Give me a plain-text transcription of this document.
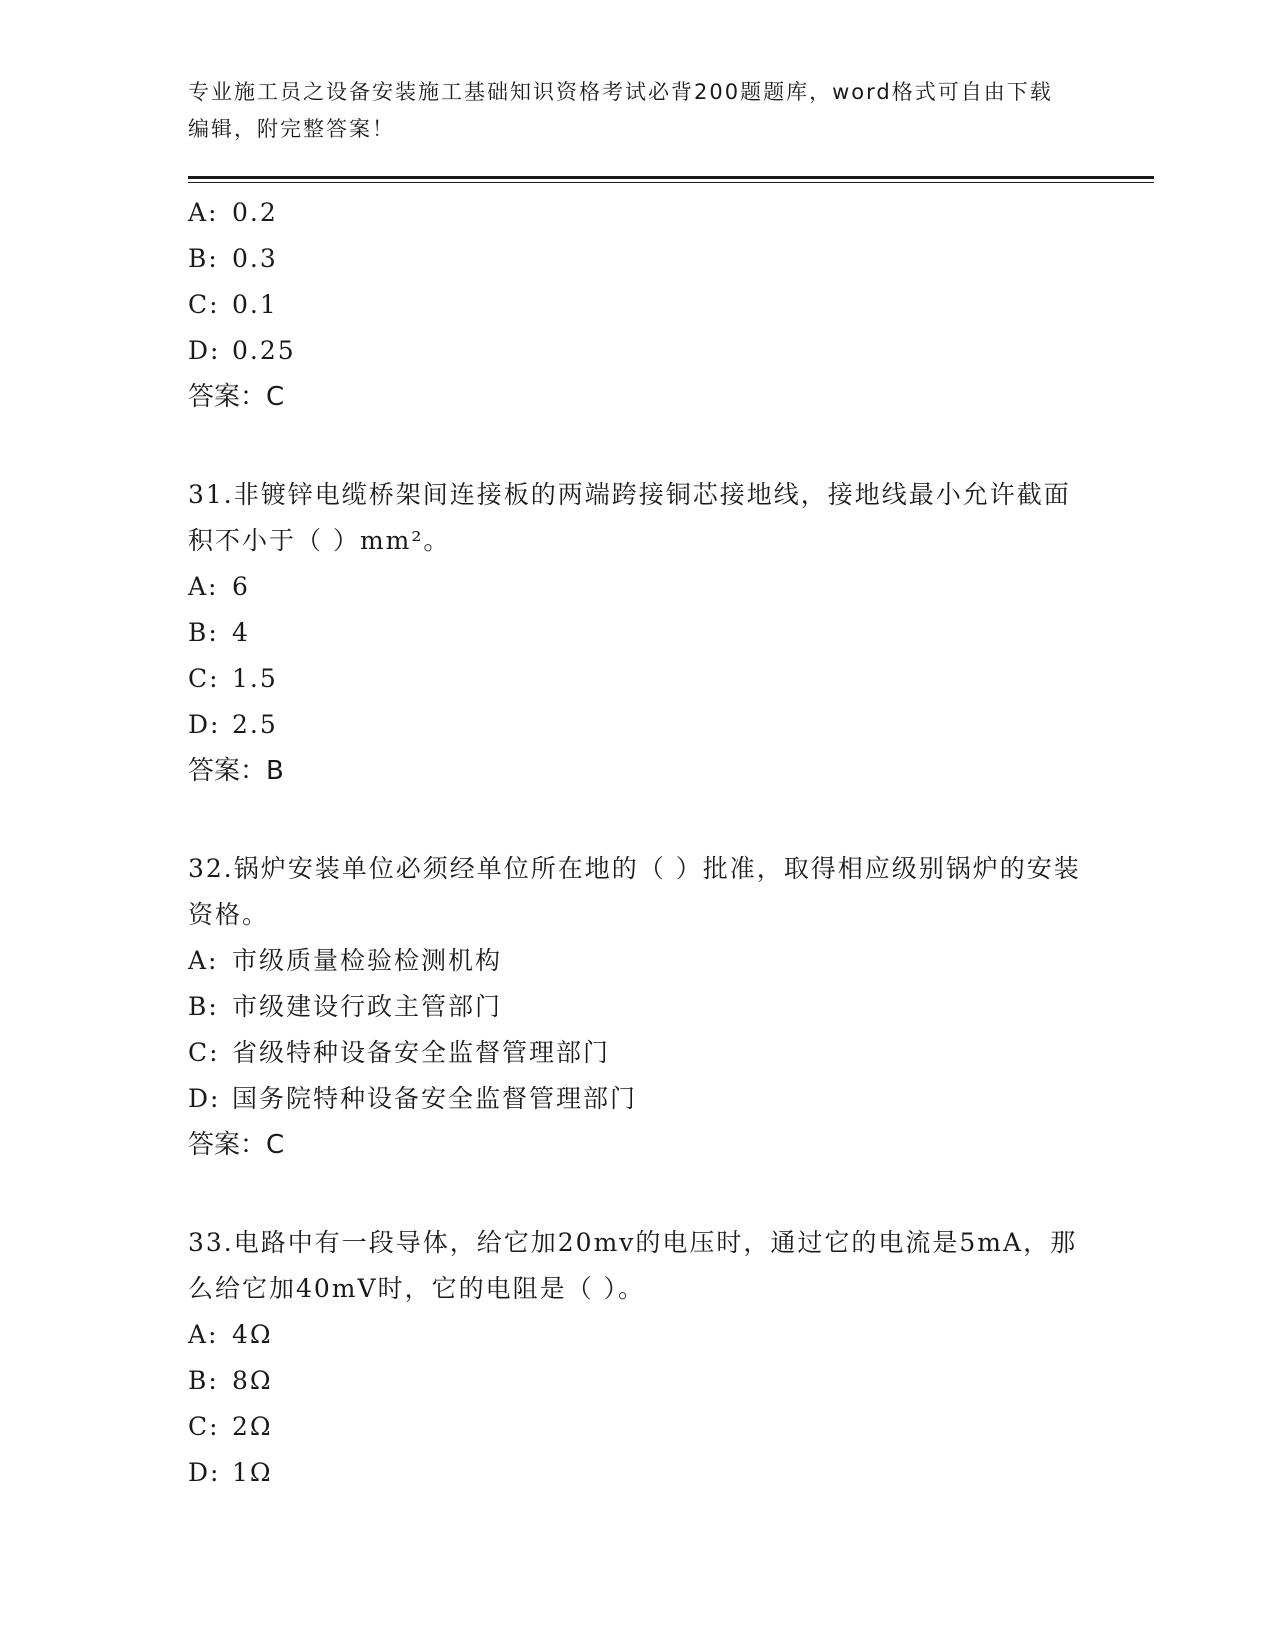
专业施工员之设备安装施工基础知识资格考试必背200题题库，word格式可自由下载编辑，附完整答案！
A: 0.2
B: 0.3
C: 0.1
D: 0.25
答案：C
31.非镀锌电缆桥架间连接板的两端跨接铜芯接地线，接地线最小允许截面积不小于（ ）mm²。
A: 6
B: 4
C: 1.5
D: 2.5
答案：B
32.锅炉安装单位必须经单位所在地的（ ）批准，取得相应级别锅炉的安装资格。
A: 市级质量检验检测机构
B: 市级建设行政主管部门
C: 省级特种设备安全监督管理部门
D: 国务院特种设备安全监督管理部门
答案：C
33.电路中有一段导体，给它加20mv的电压时，通过它的电流是5mA，那么给它加40mV时，它的电阻是（ ）。
A: 4Ω
B: 8Ω
C: 2Ω
D: 1Ω
